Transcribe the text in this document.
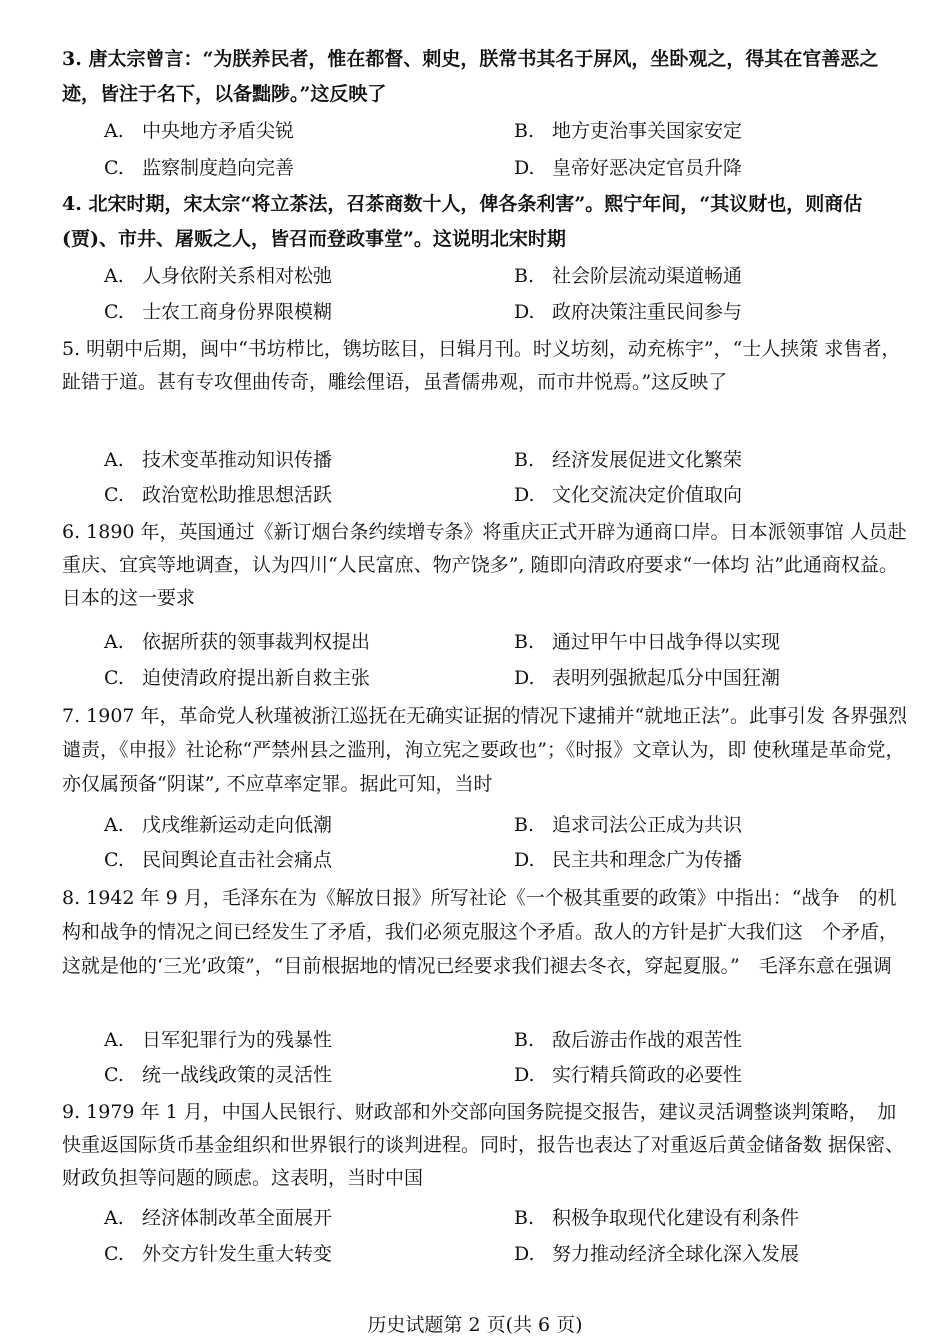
3. 唐太宗曾言：“为朕养民者，惟在都督、刺史，朕常书其名于屏风，坐卧观之，得其在官善恶之迹，皆注于名下，以备黜陟。”这反映了
A. 中央地方矛盾尖锐	B. 地方吏治事关国家安定
C. 监察制度趋向完善	D. 皇帝好恶决定官员升降
4. 北宋时期，宋太宗“将立茶法，召茶商数十人，俾各条利害”。熙宁年间，“其议财也，则商估(贾)、市井、屠贩之人，皆召而登政事堂”。这说明北宋时期
A. 人身依附关系相对松弛	B. 社会阶层流动渠道畅通
C. 士农工商身份界限模糊	D. 政府决策注重民间参与
5. 明朝中后期，闽中“书坊栉比，镌坊眩目，日辑月刊。时义坊刻，动充栋宇”，“士人挟策 求售者，趾错于道。甚有专攻俚曲传奇，雕绘俚语，虽耆儒弗观，而市井悦焉。”这反映了
A. 技术变革推动知识传播	B. 经济发展促进文化繁荣
C. 政治宽松助推思想活跃	D. 文化交流决定价值取向
6. 1890 年，英国通过《新订烟台条约续增专条》将重庆正式开辟为通商口岸。日本派领事馆 人员赴重庆、宜宾等地调查，认为四川“人民富庶、物产饶多”, 随即向清政府要求“一体均 沾”此通商权益。日本的这一要求
A. 依据所获的领事裁判权提出	B. 通过甲午中日战争得以实现
C. 迫使清政府提出新自救主张	D. 表明列强掀起瓜分中国狂潮
7. 1907 年，革命党人秋瑾被浙江巡抚在无确实证据的情况下逮捕并“就地正法”。此事引发 各界强烈谴责，《申报》社论称“严禁州县之滥刑，洵立宪之要政也”；《时报》文章认为，即 使秋瑾是革命党，亦仅属预备“阴谋”, 不应草率定罪。据此可知，当时
A. 戊戌维新运动走向低潮	B. 追求司法公正成为共识
C. 民间舆论直击社会痛点	D. 民主共和理念广为传播
8. 1942 年 9 月，毛泽东在为《解放日报》所写社论《一个极其重要的政策》中指出：“战争　的机构和战争的情况之间已经发生了矛盾，我们必须克服这个矛盾。敌人的方针是扩大我们这　个矛盾，这就是他的‘三光’政策”，“目前根据地的情况已经要求我们褪去冬衣，穿起夏服。”　毛泽东意在强调
A. 日军犯罪行为的残暴性	B. 敌后游击作战的艰苦性
C. 统一战线政策的灵活性	D. 实行精兵简政的必要性
9. 1979 年 1 月，中国人民银行、财政部和外交部向国务院提交报告，建议灵活调整谈判策略，　加快重返国际货币基金组织和世界银行的谈判进程。同时，报告也表达了对重返后黄金储备数 据保密、财政负担等问题的顾虑。这表明，当时中国
A. 经济体制改革全面展开	B. 积极争取现代化建设有利条件
C. 外交方针发生重大转变	D. 努力推动经济全球化深入发展
历史试题第 2 页(共 6 页)
